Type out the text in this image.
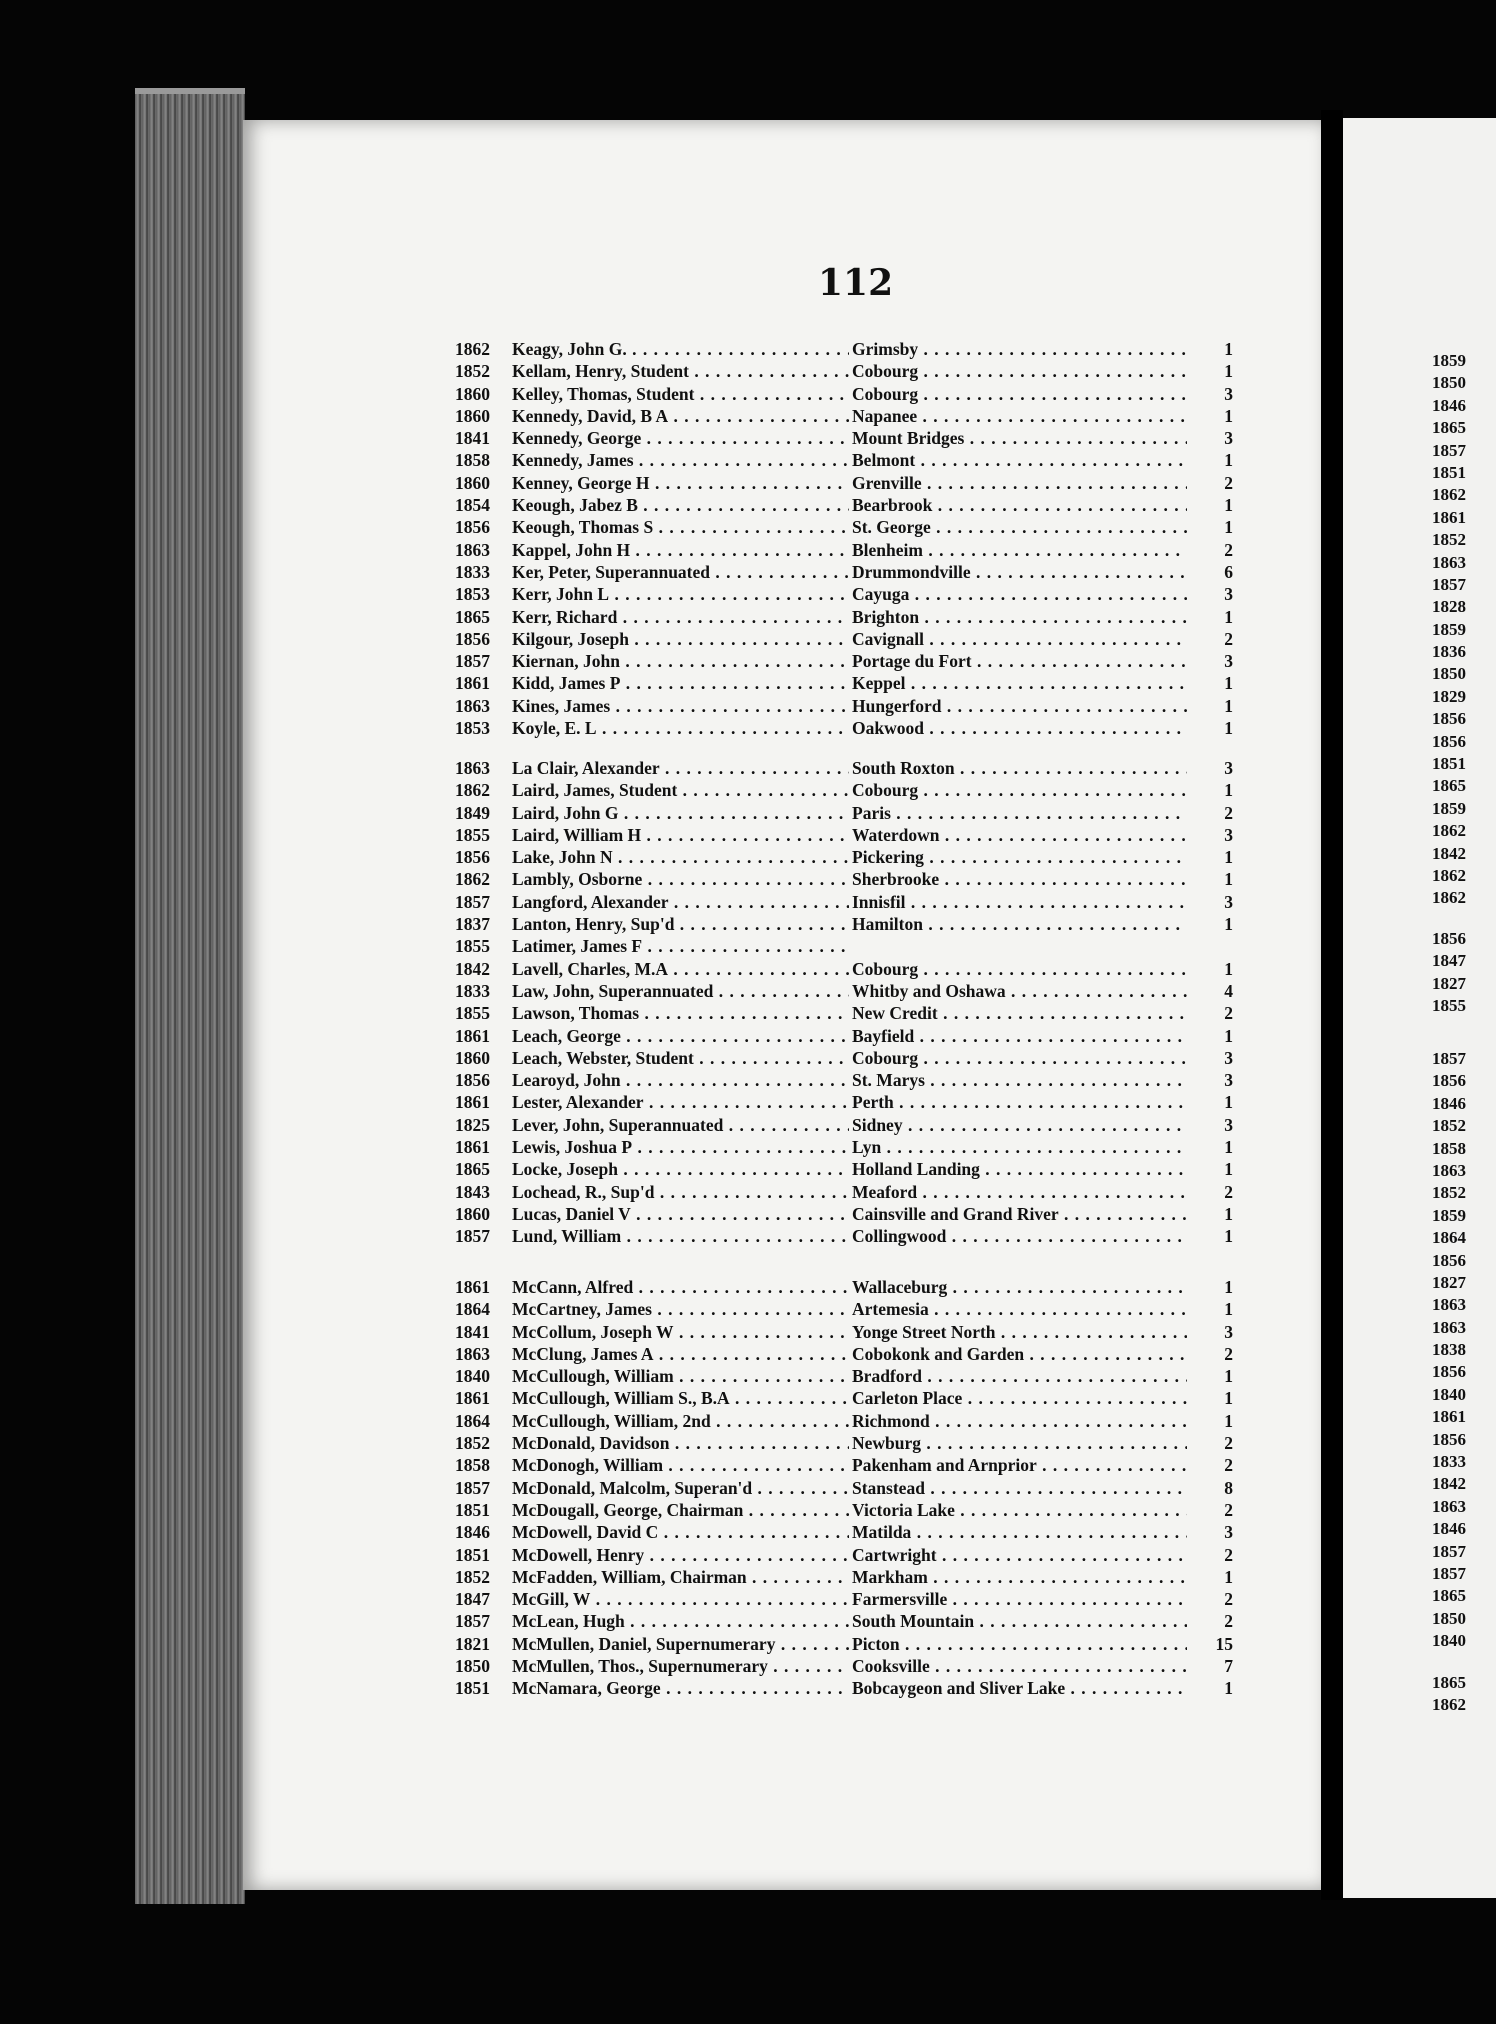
112
1862	Keagy, John G. . . .	Grimsby . . .	1
1852	Kellam, Henry, Student . . .	Cobourg . . .	1
1860	Kelley, Thomas, Student . . .	Cobourg . . .	3
1860	Kennedy, David, B A . . .	Napanee . . .	1
1841	Kennedy, George . . .	Mount Bridges . . .	3
1858	Kennedy, James . . .	Belmont . . .	1
1860	Kenney, George H . . .	Grenville . . .	2
1854	Keough, Jabez B . . .	Bearbrook . . .	1
1856	Keough, Thomas S . . .	St. George . . .	1
1863	Kappel, John H . . .	Blenheim . . .	2
1833	Ker, Peter, Superannuated . . .	Drummondville . . .	6
1853	Kerr, John L . . .	Cayuga . . .	3
1865	Kerr, Richard . . .	Brighton . . .	1
1856	Kilgour, Joseph . . .	Cavignall . . .	2
1857	Kiernan, John . . .	Portage du Fort . . .	3
1861	Kidd, James P . . .	Keppel . . .	1
1863	Kines, James . . .	Hungerford . . .	1
1853	Koyle, E. L . . .	Oakwood . . .	1
1863	La Clair, Alexander . . .	South Roxton . . .	3
1862	Laird, James, Student . . .	Cobourg . . .	1
1849	Laird, John G . . .	Paris . . .	2
1855	Laird, William H . . .	Waterdown . . .	3
1856	Lake, John N . . .	Pickering . . .	1
1862	Lambly, Osborne . . .	Sherbrooke . . .	1
1857	Langford, Alexander . . .	Innisfil . . .	3
1837	Lanton, Henry, Sup'd . . .	Hamilton . . .	1
1855	Latimer, James F . . .
1842	Lavell, Charles, M.A . . .	Cobourg . . .	1
1833	Law, John, Superannuated . . .	Whitby and Oshawa . . .	4
1855	Lawson, Thomas . . .	New Credit . . .	2
1861	Leach, George . . .	Bayfield . . .	1
1860	Leach, Webster, Student . . .	Cobourg . . .	3
1856	Learoyd, John . . .	St. Marys . . .	3
1861	Lester, Alexander . . .	Perth . . .	1
1825	Lever, John, Superannuated . . .	Sidney . . .	3
1861	Lewis, Joshua P . . .	Lyn . . .	1
1865	Locke, Joseph . . .	Holland Landing . . .	1
1843	Lochead, R., Sup'd . . .	Meaford . . .	2
1860	Lucas, Daniel V . . .	Cainsville and Grand River . . .	1
1857	Lund, William . . .	Collingwood . . .	1
1861	McCann, Alfred . . .	Wallaceburg . . .	1
1864	McCartney, James . . .	Artemesia . . .	1
1841	McCollum, Joseph W . . .	Yonge Street North . . .	3
1863	McClung, James A . . .	Cobokonk and Garden . . .	2
1840	McCullough, William . . .	Bradford . . .	1
1861	McCullough, William S., B.A . . .	Carleton Place . . .	1
1864	McCullough, William, 2nd . . .	Richmond . . .	1
1852	McDonald, Davidson . . .	Newburg . . .	2
1858	McDonogh, William . . .	Pakenham and Arnprior . . .	2
1857	McDonald, Malcolm, Superan'd . . .	Stanstead . . .	8
1851	McDougall, George, Chairman . . .	Victoria Lake . . .	2
1846	McDowell, David C . . .	Matilda . . .	3
1851	McDowell, Henry . . .	Cartwright . . .	2
1852	McFadden, William, Chairman . . .	Markham . . .	1
1847	McGill, W . . .	Farmersville . . .	2
1857	McLean, Hugh . . .	South Mountain . . .	2
1821	McMullen, Daniel, Supernumerary . . .	Picton . . .	15
1850	McMullen, Thos., Supernumerary . . .	Cooksville . . .	7
1851	McNamara, George . . .	Bobcaygeon and Sliver Lake . . .	1
1859
1850
1846
1865
1857
1851
1862
1861
1852
1863
1857
1828
1859
1836
1850
1829
1856
1856
1851
1865
1859
1862
1842
1862
1862
1856
1847
1827
1855
1857
1856
1846
1852
1858
1863
1852
1859
1864
1856
1827
1863
1863
1838
1856
1840
1861
1856
1833
1842
1863
1846
1857
1857
1865
1850
1840
1865
1862
